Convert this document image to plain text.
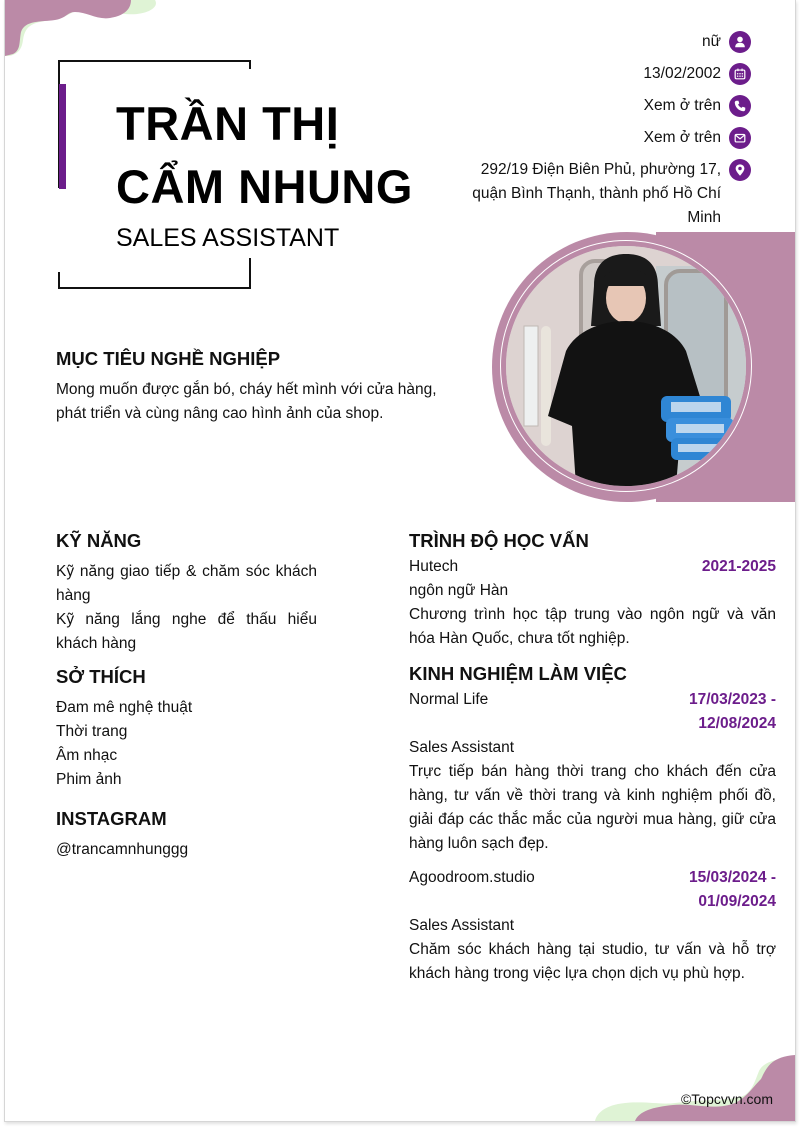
TRẦN THỊ
CẨM NHUNG
SALES ASSISTANT
nữ
13/02/2002
Xem ở trên
Xem ở trên
292/19 Điện Biên Phủ, phường 17, quận Bình Thạnh, thành phố Hồ Chí Minh
MỤC TIÊU NGHỀ NGHIỆP
Mong muốn được gắn bó, cháy hết mình với cửa hàng, phát triển và cùng nâng cao hình ảnh của shop.
KỸ NĂNG
Kỹ năng giao tiếp & chăm sóc khách hàng
Kỹ năng lắng nghe để thấu hiểu khách hàng
SỞ THÍCH
Đam mê nghệ thuật
Thời trang
Âm nhạc
Phim ảnh
INSTAGRAM
@trancamnhunggg
TRÌNH ĐỘ HỌC VẤN
Hutech	2021-2025
ngôn ngữ Hàn
Chương trình học tập trung vào ngôn ngữ và văn hóa Hàn Quốc, chưa tốt nghiệp.
KINH NGHIỆM LÀM VIỆC
Normal Life	17/03/2023 -
12/08/2024
Sales Assistant
Trực tiếp bán hàng thời trang cho khách đến cửa hàng, tư vấn về thời trang và kinh nghiệm phối đồ, giải đáp các thắc mắc của người mua hàng, giữ cửa hàng luôn sạch đẹp.
Agoodroom.studio	15/03/2024 -
01/09/2024
Sales Assistant
Chăm sóc khách hàng tại studio, tư vấn và hỗ trợ khách hàng trong việc lựa chọn dịch vụ phù hợp.
©Topcvvn.com
